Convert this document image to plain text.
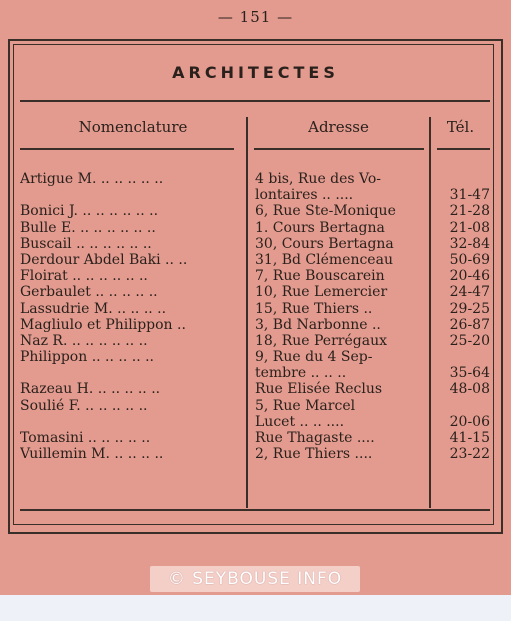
— 151 —
ARCHITECTES
Nomenclature	Adresse	Tél.
Artigue M. .. .. .. .. ..	4 bis, Rue des Vo-
lontaires .. ....	31-47
Bonici J. .. .. .. .. .. ..	6, Rue Ste-Monique	21-28
Bulle E. .. .. .. .. .. ..	1. Cours Bertagna	21-08
Buscail .. .. .. .. .. ..	30, Cours Bertagna	32-84
Derdour Abdel Baki .. ..	31, Bd Clémenceau	50-69
Floirat .. .. .. .. .. ..	7, Rue Bouscarein	20-46
Gerbaulet .. .. .. .. ..	10, Rue Lemercier	24-47
Lassudrie M. .. .. .. ..	15, Rue Thiers ..	29-25
Magliulo et Philippon ..	3, Bd Narbonne ..	26-87
Naz R. .. .. .. .. .. ..	18, Rue Perrégaux	25-20
Philippon .. .. .. .. ..	9, Rue du 4 Sep-
tembre .. .. ..	35-64
Razeau H. .. .. .. .. ..	Rue Elisée Reclus	48-08
Soulié F. .. .. .. .. ..	5, Rue Marcel
Lucet .. .. ....	20-06
Tomasini .. .. .. .. ..	Rue Thagaste ....	41-15
Vuillemin M. .. .. .. ..	2, Rue Thiers ....	23-22
© SEYBOUSE INFO
